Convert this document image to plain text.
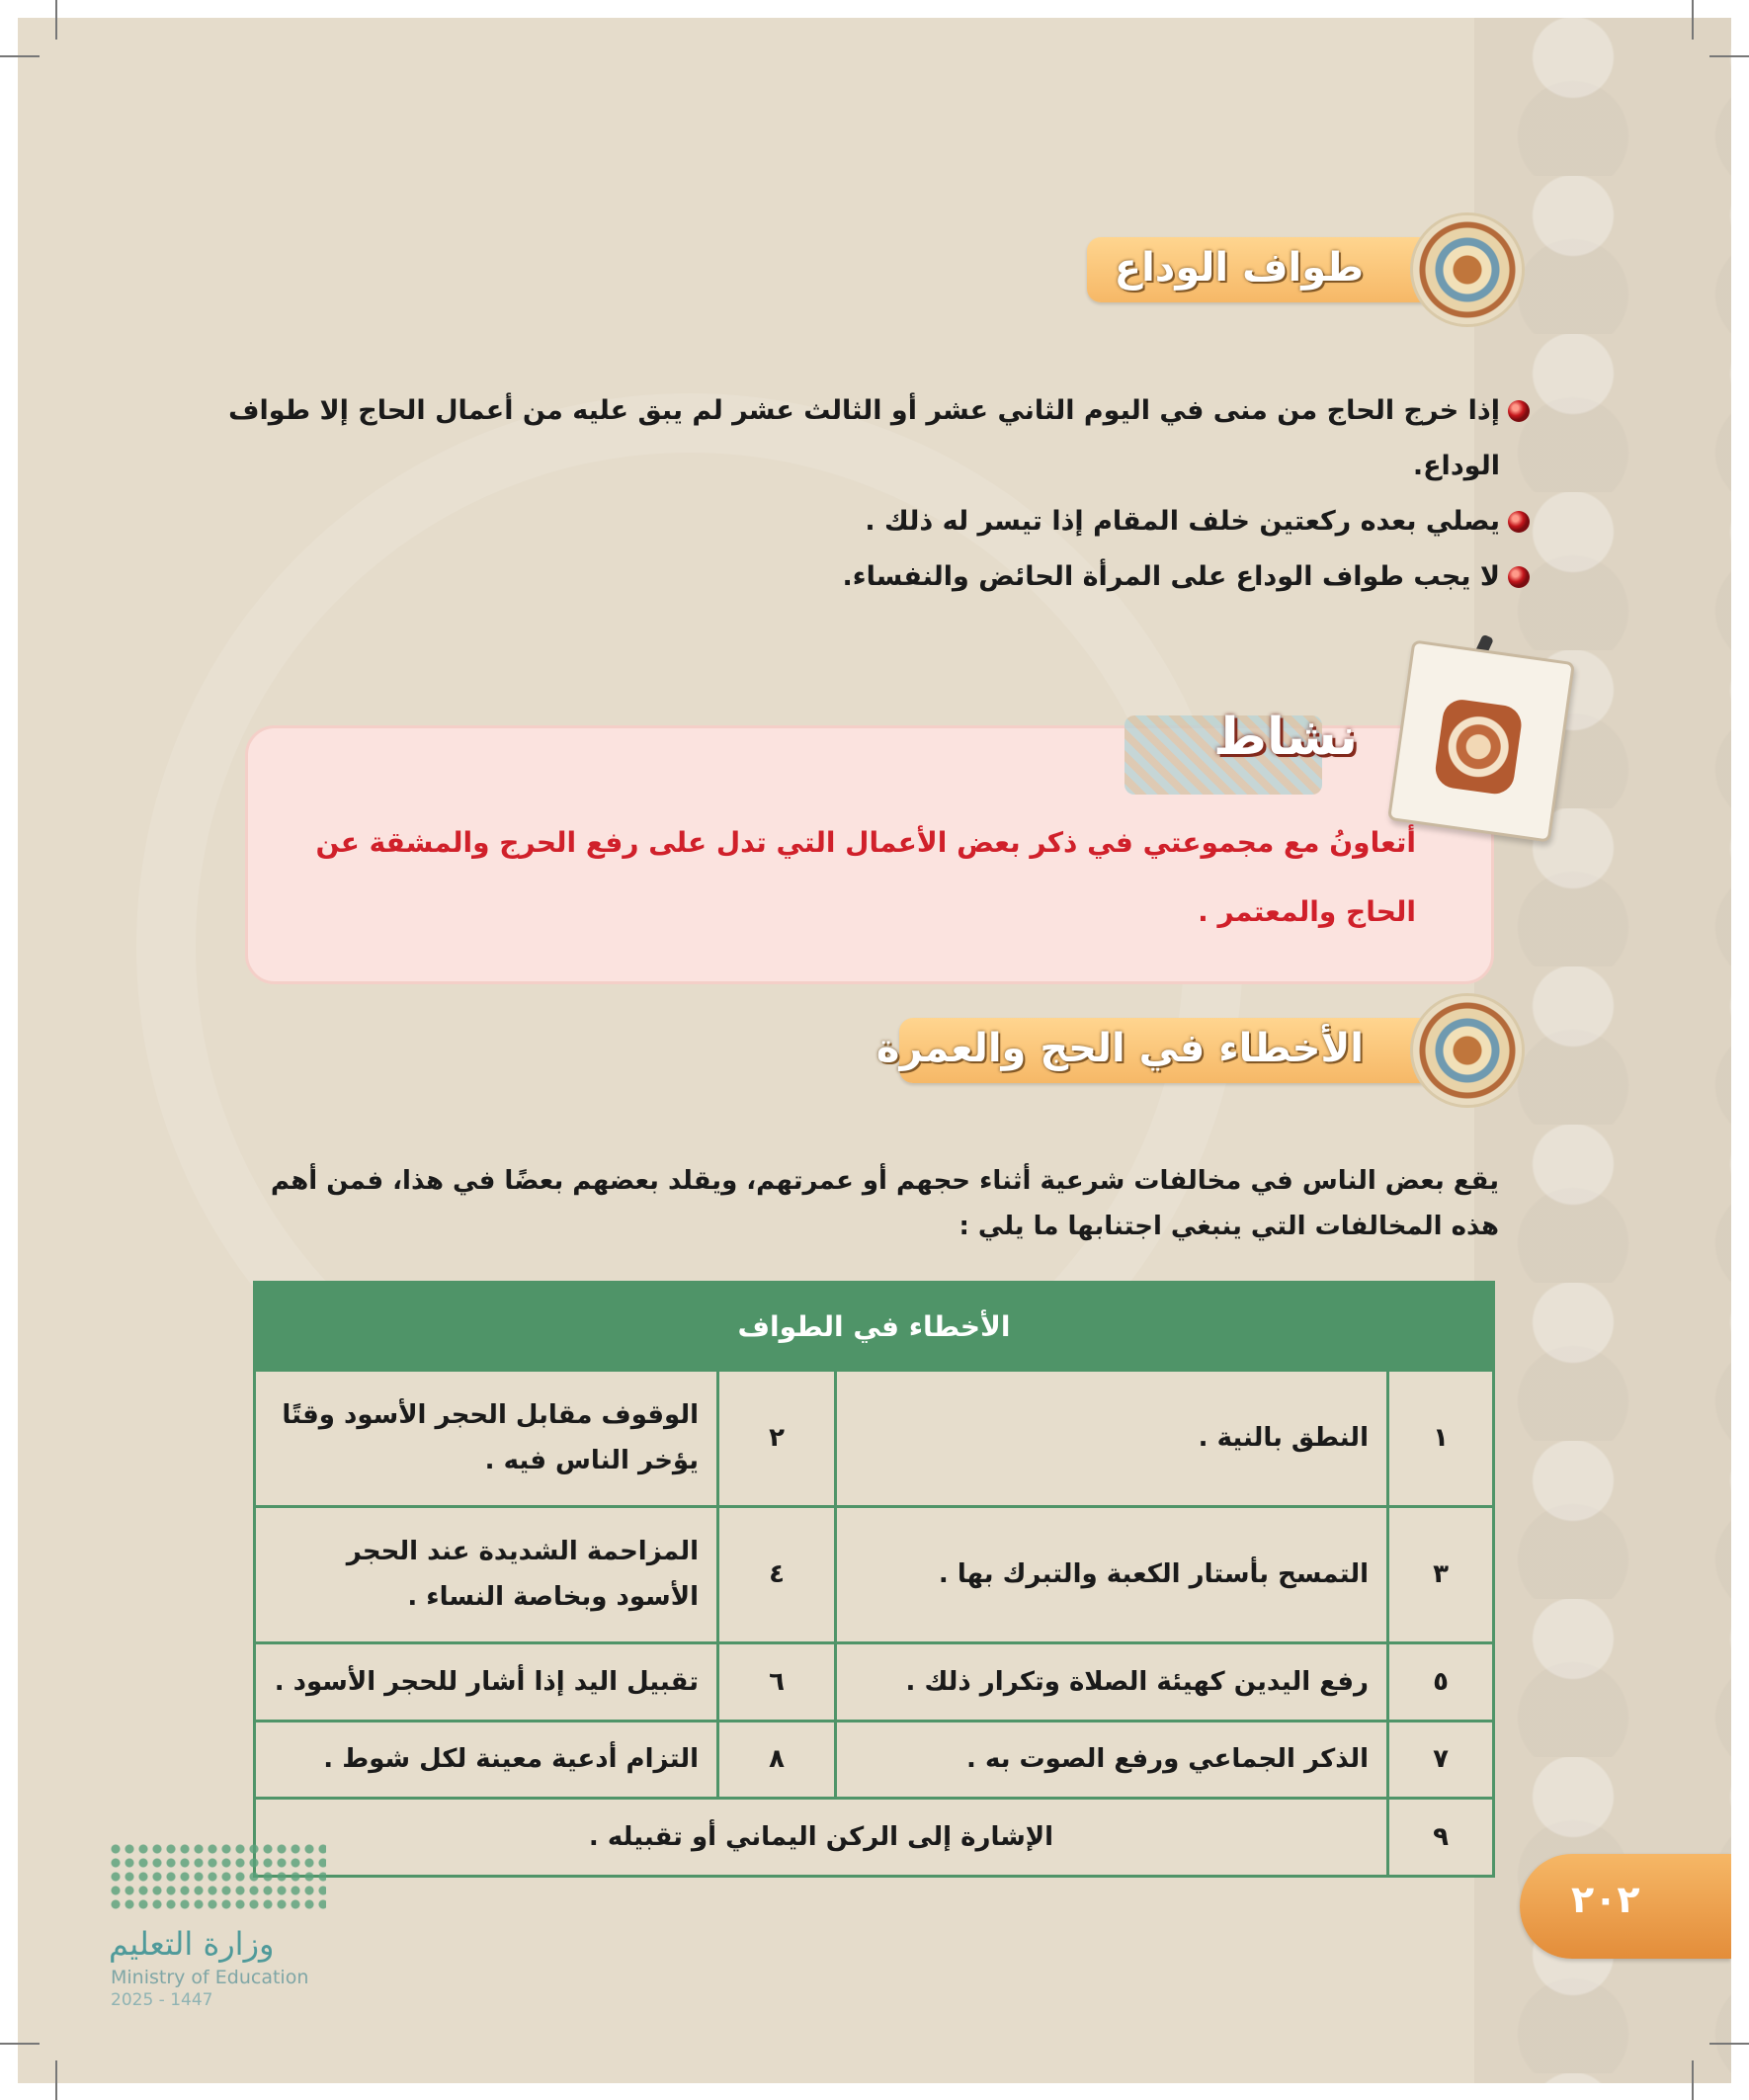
طواف الوداع
إذا خرج الحاج من منى في اليوم الثاني عشر أو الثالث عشر لم يبق عليه من أعمال الحاج إلا طواف الوداع.
يصلي بعده ركعتين خلف المقام إذا تيسر له ذلك .
لا يجب طواف الوداع على المرأة الحائض والنفساء.
نشاط
أتعاونُ مع مجموعتي في ذكر بعض الأعمال التي تدل على رفع الحرج والمشقة عن الحاج والمعتمر .
الأخطاء في الحج والعمرة
يقع بعض الناس في مخالفات شرعية أثناء حجهم أو عمرتهم، ويقلد بعضهم بعضًا في هذا، فمن أهم هذه المخالفات التي ينبغي اجتنابها ما يلي :
الأخطاء في الطواف			
١	النطق بالنية .	٢	الوقوف مقابل الحجر الأسود وقتًا يؤخر الناس فيه .
٣	التمسح بأستار الكعبة والتبرك بها .	٤	المزاحمة الشديدة عند الحجر الأسود وبخاصة النساء .
٥	رفع اليدين كهيئة الصلاة وتكرار ذلك .	٦	تقبيل اليد إذا أشار للحجر الأسود .
٧	الذكر الجماعي ورفع الصوت به .	٨	التزام أدعية معينة لكل شوط .
٩	الإشارة إلى الركن اليماني أو تقبيله .		
٢٠٢
وزارة التعليم
Ministry of Education
2025 - 1447
